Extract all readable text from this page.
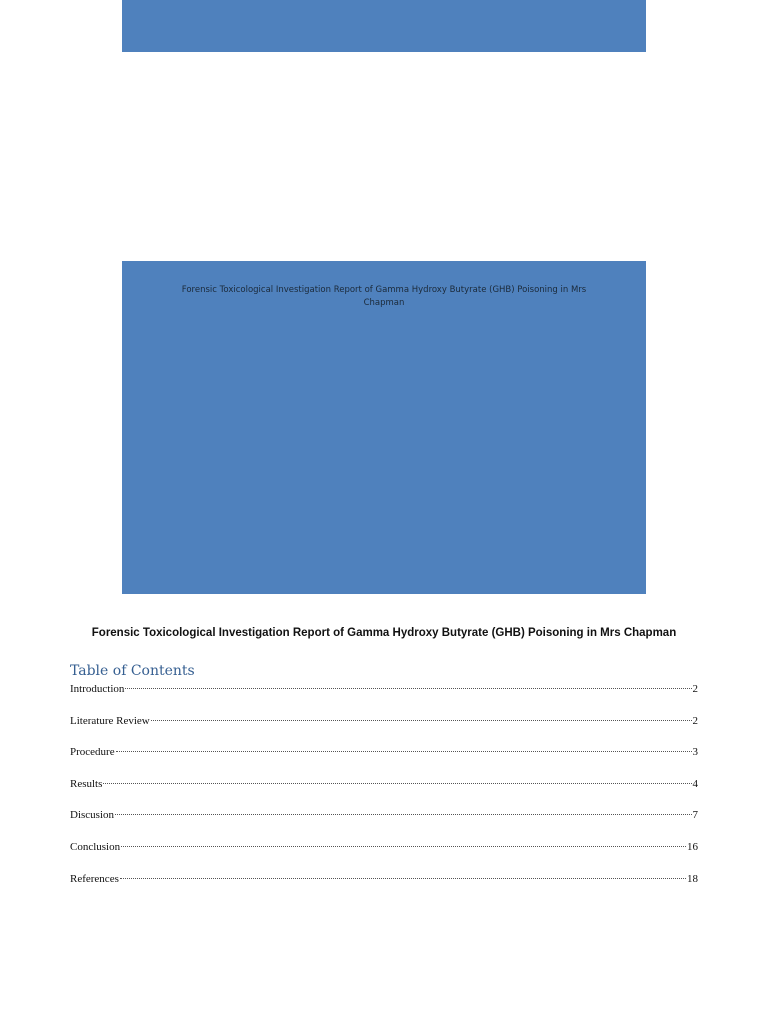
Forensic Toxicological Investigation Report of Gamma Hydroxy Butyrate (GHB) Poisoning in Mrs Chapman
Forensic Toxicological Investigation Report of Gamma Hydroxy Butyrate (GHB) Poisoning in Mrs Chapman
Table of Contents
Introduction	2
Literature Review	2
Procedure	3
Results	4
Discusion	7
Conclusion	16
References	18
